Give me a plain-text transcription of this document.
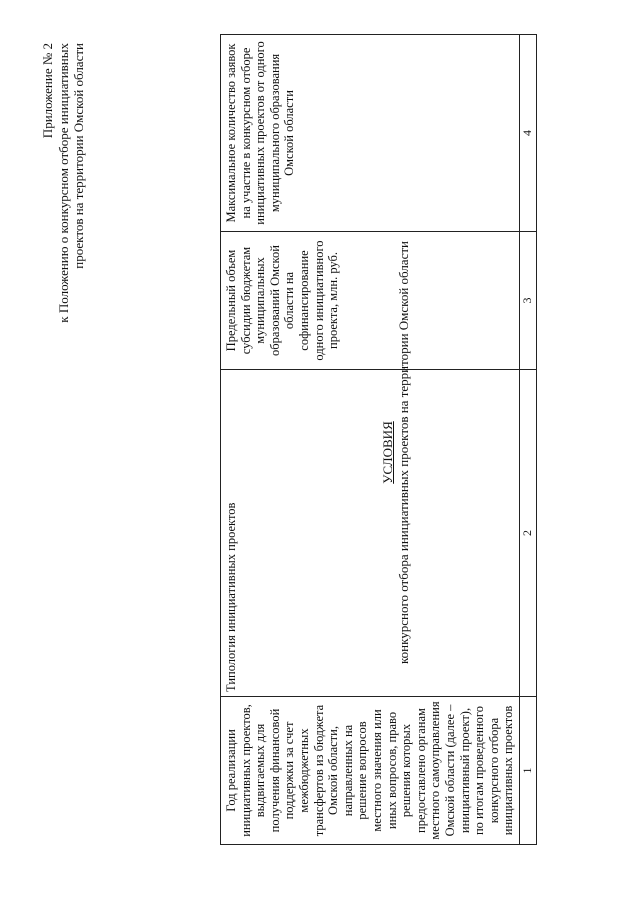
Приложение № 2 к Положению о конкурсном отборе инициативных проектов на территории Омской области
УСЛОВИЯ конкурсного отбора инициативных проектов на территории Омской области
Год реализации инициативных проектов, выдвигаемых для получения финансовой поддержки за счет межбюджетных трансфертов из бюджета Омской области, направленных на решение вопросов местного значения или иных вопросов, право решения которых предоставлено органам местного самоуправления Омской области (далее – инициативный проект), по итогам проведенного конкурсного отбора инициативных проектов	Типология инициативных проектов	Предельный объем субсидии бюджетам муниципальных образований Омской области на софинансирование одного инициативного проекта, млн. руб.	Максимальное количество заявок на участие в конкурсном отборе инициативных проектов от одного муниципального образования Омской области
1	2	3	4
